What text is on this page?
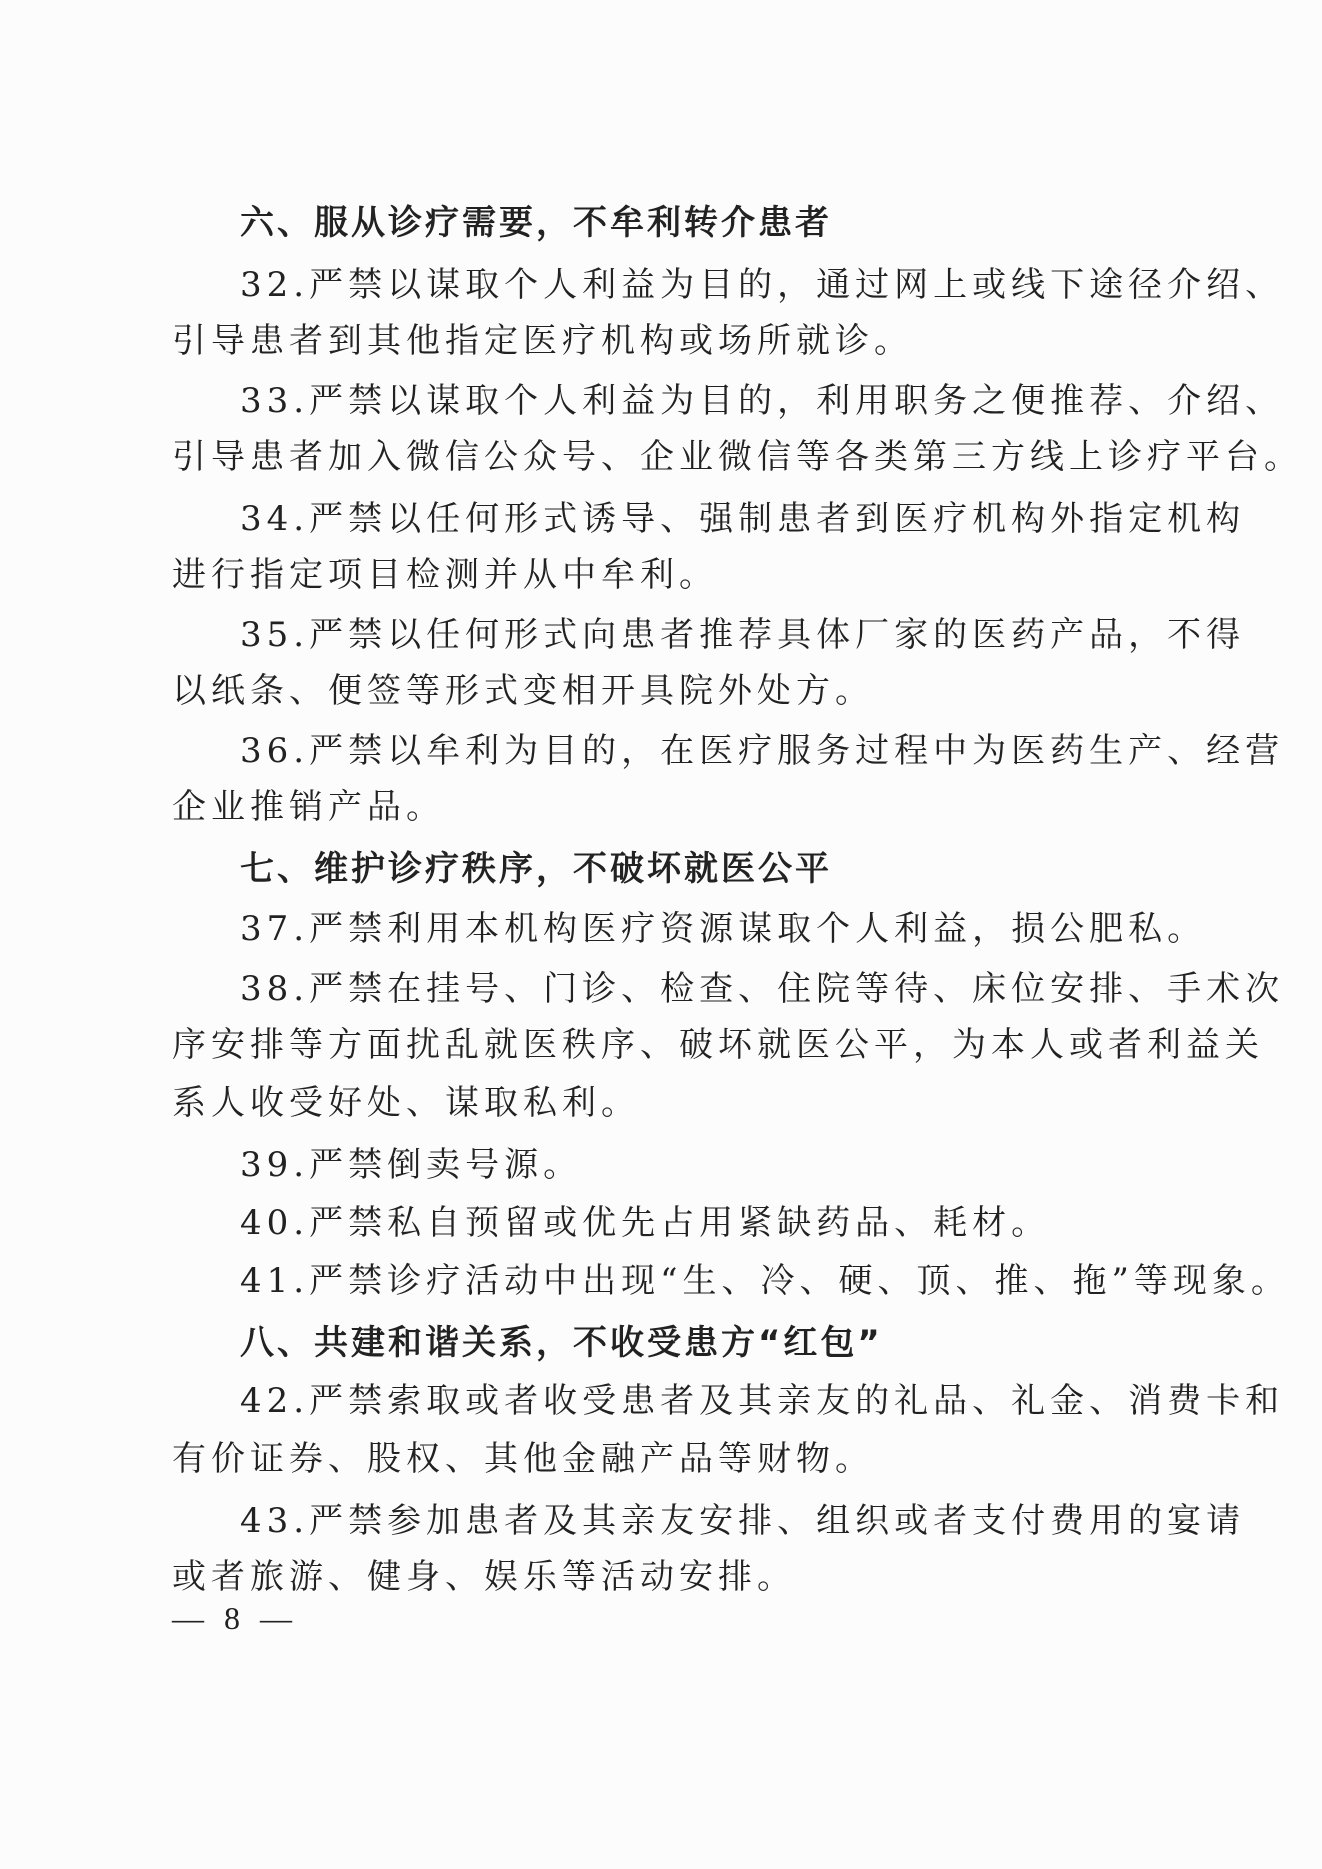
六、服从诊疗需要，不牟利转介患者
32.严禁以谋取个人利益为目的，通过网上或线下途径介绍、
引导患者到其他指定医疗机构或场所就诊。
33.严禁以谋取个人利益为目的，利用职务之便推荐、介绍、
引导患者加入微信公众号、企业微信等各类第三方线上诊疗平台。
34.严禁以任何形式诱导、强制患者到医疗机构外指定机构
进行指定项目检测并从中牟利。
35.严禁以任何形式向患者推荐具体厂家的医药产品，不得
以纸条、便签等形式变相开具院外处方。
36.严禁以牟利为目的，在医疗服务过程中为医药生产、经营
企业推销产品。
七、维护诊疗秩序，不破坏就医公平
37.严禁利用本机构医疗资源谋取个人利益，损公肥私。
38.严禁在挂号、门诊、检查、住院等待、床位安排、手术次
序安排等方面扰乱就医秩序、破坏就医公平，为本人或者利益关
系人收受好处、谋取私利。
39.严禁倒卖号源。
40.严禁私自预留或优先占用紧缺药品、耗材。
41.严禁诊疗活动中出现“生、冷、硬、顶、推、拖”等现象。
八、共建和谐关系，不收受患方“红包”
42.严禁索取或者收受患者及其亲友的礼品、礼金、消费卡和
有价证券、股权、其他金融产品等财物。
43.严禁参加患者及其亲友安排、组织或者支付费用的宴请
或者旅游、健身、娱乐等活动安排。
— 8 —
